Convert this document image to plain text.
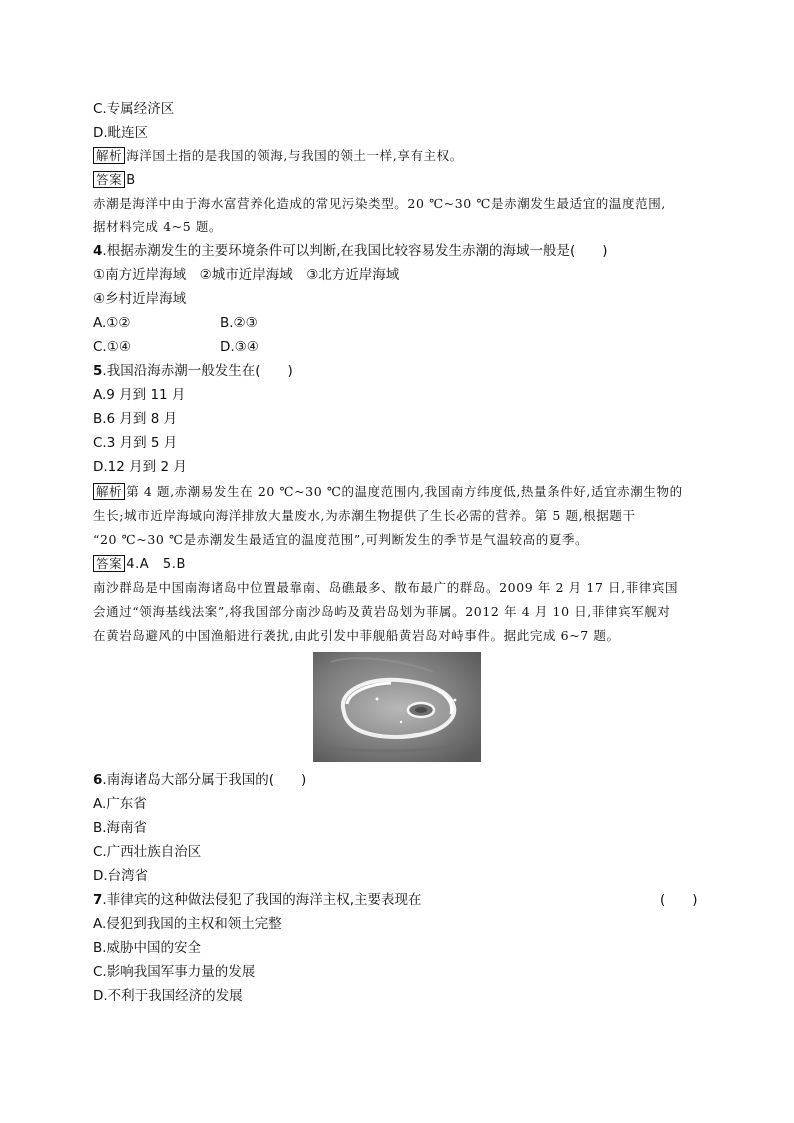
C.专属经济区
D.毗连区
解析 海洋国土指的是我国的领海,与我国的领土一样,享有主权。
答案 B
赤潮是海洋中由于海水富营养化造成的常见污染类型。20 ℃~30 ℃是赤潮发生最适宜的温度范围,
据材料完成 4~5 题。
4.根据赤潮发生的主要环境条件可以判断,在我国比较容易发生赤潮的海域一般是(　　)
①南方近岸海域　②城市近岸海域　③北方近岸海域
④乡村近岸海域
A.①②	B.②③
C.①④	D.③④
5.我国沿海赤潮一般发生在(　　)
A.9 月到 11 月
B.6 月到 8 月
C.3 月到 5 月
D.12 月到 2 月
解析 第 4 题,赤潮易发生在 20 ℃~30 ℃的温度范围内,我国南方纬度低,热量条件好,适宜赤潮生物的
生长;城市近岸海域向海洋排放大量废水,为赤潮生物提供了生长必需的营养。第 5 题,根据题干
“20 ℃~30 ℃是赤潮发生最适宜的温度范围”,可判断发生的季节是气温较高的夏季。
答案 4.A　5.B
南沙群岛是中国南海诸岛中位置最靠南、岛礁最多、散布最广的群岛。2009 年 2 月 17 日,菲律宾国
会通过“领海基线法案”,将我国部分南沙岛屿及黄岩岛划为菲属。2012 年 4 月 10 日,菲律宾军舰对
在黄岩岛避风的中国渔船进行袭扰,由此引发中菲舰船黄岩岛对峙事件。据此完成 6~7 题。
6.南海诸岛大部分属于我国的(　　)
A.广东省
B.海南省
C.广西壮族自治区
D.台湾省
7.菲律宾的这种做法侵犯了我国的海洋主权,主要表现在	(　　)
A.侵犯到我国的主权和领土完整
B.威胁中国的安全
C.影响我国军事力量的发展
D.不利于我国经济的发展
